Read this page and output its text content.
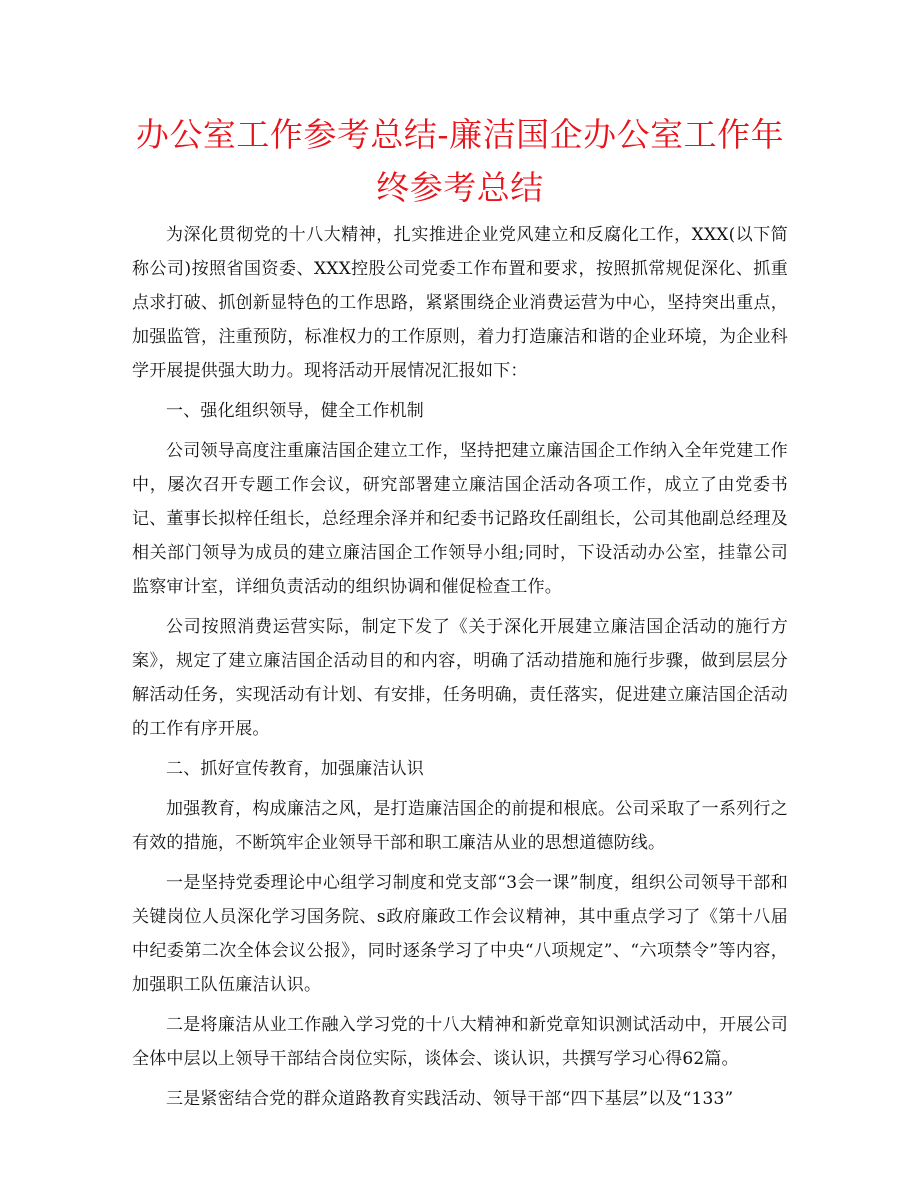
办公室工作参考总结-廉洁国企办公室工作年终参考总结

为深化贯彻党的十八大精神，扎实推进企业党风建立和反腐化工作，XXX(以下简称公司)按照省国资委、XXX控股公司党委工作布置和要求，按照抓常规促深化、抓重点求打破、抓创新显特色的工作思路，紧紧围绕企业消费运营为中心，坚持突出重点，加强监管，注重预防，标准权力的工作原则，着力打造廉洁和谐的企业环境，为企业科学开展提供强大助力。现将活动开展情况汇报如下：

一、强化组织领导，健全工作机制

公司领导高度注重廉洁国企建立工作，坚持把建立廉洁国企工作纳入全年党建工作中，屡次召开专题工作会议，研究部署建立廉洁国企活动各项工作，成立了由党委书记、董事长拟梓任组长，总经理余泽并和纪委书记路玫任副组长，公司其他副总经理及相关部门领导为成员的建立廉洁国企工作领导小组;同时，下设活动办公室，挂靠公司监察审计室，详细负责活动的组织协调和催促检查工作。

公司按照消费运营实际，制定下发了《关于深化开展建立廉洁国企活动的施行方案》，规定了建立廉洁国企活动目的和内容，明确了活动措施和施行步骤，做到层层分解活动任务，实现活动有计划、有安排，任务明确，责任落实，促进建立廉洁国企活动的工作有序开展。

二、抓好宣传教育，加强廉洁认识

加强教育，构成廉洁之风，是打造廉洁国企的前提和根底。公司采取了一系列行之有效的措施，不断筑牢企业领导干部和职工廉洁从业的思想道德防线。

一是坚持党委理论中心组学习制度和党支部“3会一课”制度，组织公司领导干部和关键岗位人员深化学习国务院、s政府廉政工作会议精神，其中重点学习了《第十八届中纪委第二次全体会议公报》，同时逐条学习了中央“八项规定”、“六项禁令”等内容，加强职工队伍廉洁认识。

二是将廉洁从业工作融入学习党的十八大精神和新党章知识测试活动中，开展公司全体中层以上领导干部结合岗位实际，谈体会、谈认识，共撰写学习心得62篇。

三是紧密结合党的群众道路教育实践活动、领导干部“四下基层”以及“133”
